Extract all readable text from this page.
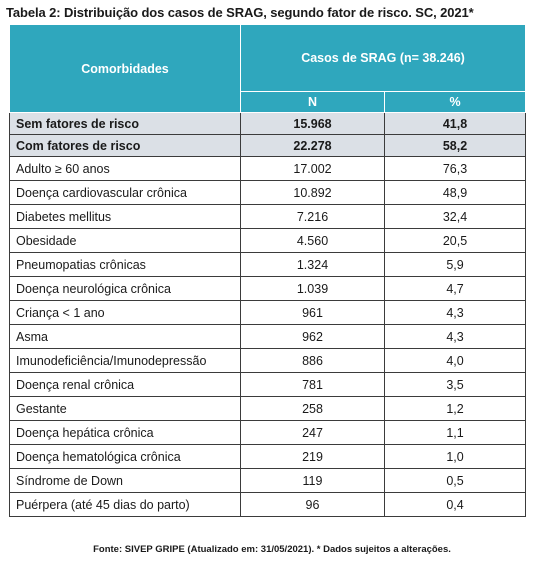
Tabela 2: Distribuição dos casos de SRAG, segundo fator de risco. SC, 2021*
Comorbidades	Casos de SRAG (n= 38.246)	
	N	%
Sem fatores de risco	15.968	41,8
Com fatores de risco	22.278	58,2
Adulto ≥ 60 anos	17.002	76,3
Doença cardiovascular crônica	10.892	48,9
Diabetes mellitus	7.216	32,4
Obesidade	4.560	20,5
Pneumopatias crônicas	1.324	5,9
Doença neurológica crônica	1.039	4,7
Criança < 1 ano	961	4,3
Asma	962	4,3
Imunodeficiência/Imunodepressão	886	4,0
Doença renal crônica	781	3,5
Gestante	258	1,2
Doença hepática crônica	247	1,1
Doença hematológica crônica	219	1,0
Síndrome de Down	119	0,5
Puérpera (até 45 dias do parto)	96	0,4
Fonte: SIVEP GRIPE (Atualizado em: 31/05/2021). * Dados sujeitos a alterações.
